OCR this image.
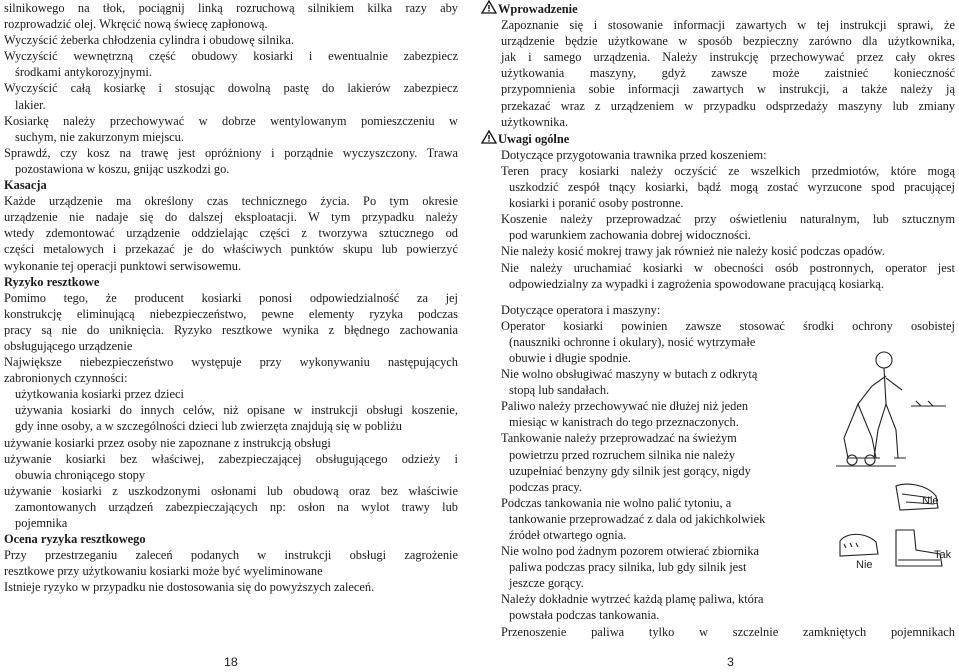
silnikowego na tłok, pociągnij linką rozruchową silnikiem kilka razy aby

rozprowadzić olej. Wkręcić nową świecę zapłonową.

Wyczyścić żeberka chłodzenia cylindra i obudowę silnika.

Wyczyścić wewnętrzną część obudowy kosiarki i ewentualnie zabezpiecz

środkami antykorozyjnymi.

Wyczyścić całą kosiarkę i stosując dowolną pastę do lakierów zabezpiecz

lakier.

Kosiarkę należy przechowywać w dobrze wentylowanym pomieszczeniu w

suchym, nie zakurzonym miejscu.

Sprawdź, czy kosz na trawę jest opróżniony i porządnie wyczyszczony. Trawa

pozostawiona w koszu, gnijąc uszkodzi go.

Kasacja

Każde urządzenie ma określony czas technicznego życia. Po tym okresie

urządzenie nie nadaje się do dalszej eksploatacji. W tym przypadku należy

wtedy zdemontować urządzenie oddzielając części z tworzywa sztucznego od

części metalowych i przekazać je do właściwych punktów skupu lub powierzyć

wykonanie tej operacji punktowi serwisowemu.

Ryzyko resztkowe

Pomimo tego, że producent kosiarki ponosi odpowiedzialność za jej

konstrukcję eliminującą niebezpieczeństwo, pewne elementy ryzyka podczas

pracy są nie do uniknięcia. Ryzyko resztkowe wynika z błędnego zachowania

obsługującego urządzenie

Największe niebezpieczeństwo występuje przy wykonywaniu następujących

zabronionych czynności:

użytkowania kosiarki przez dzieci

używania kosiarki do innych celów, niż opisane w instrukcji obsługi koszenie,

gdy inne osoby, a w szczególności dzieci lub zwierzęta znajdują się w pobliżu

używanie kosiarki przez osoby nie zapoznane z instrukcją obsługi

używanie kosiarki bez właściwej, zabezpieczającej obsługującego odzieży i

obuwia chroniącego stopy

używanie kosiarki z uszkodzonymi osłonami lub obudową oraz bez właściwie

zamontowanych urządzeń zabezpieczających np: osłon na wylot trawy lub

pojemnika

Ocena ryzyka resztkowego

Przy przestrzeganiu zaleceń podanych w instrukcji obsługi zagrożenie

resztkowe przy użytkowaniu kosiarki może być wyeliminowane

Istnieje ryzyko w przypadku nie dostosowania się do powyższych zaleceń.

Wprowadzenie

Zapoznanie się i stosowanie informacji zawartych w tej instrukcji sprawi, że

urządzenie będzie użytkowane w sposób bezpieczny zarówno dla użytkownika,

jak i samego urządzenia. Należy instrukcję przechowywać przez cały okres

użytkowania maszyny, gdyż zawsze może zaistnieć konieczność

przypomnienia sobie informacji zawartych w instrukcji, a także należy ją

przekazać wraz z urządzeniem w przypadku odsprzedaży maszyny lub zmiany

użytkownika.

Uwagi ogólne

Dotyczące przygotowania trawnika przed koszeniem:

Teren pracy kosiarki należy oczyścić ze wszelkich przedmiotów, które mogą

uszkodzić zespół tnący kosiarki, bądź mogą zostać wyrzucone spod pracującej

kosiarki i poranić osoby postronne.

Koszenie należy przeprowadzać przy oświetleniu naturalnym, lub sztucznym

pod warunkiem zachowania dobrej widoczności.

Nie należy kosić mokrej trawy jak również nie należy kosić podczas opadów.

Nie należy uruchamiać kosiarki w obecności osób postronnych, operator jest

odpowiedzialny za wypadki i zagrożenia spowodowane pracującą kosiarką.

Dotyczące operatora i maszyny:

Operator kosiarki powinien zawsze stosować środki ochrony osobistej

(nauszniki ochronne i okulary), nosić wytrzymałe

obuwie i długie spodnie.

Nie wolno obsługiwać maszyny w butach z odkrytą

stopą lub sandałach.

Paliwo należy przechowywać nie dłużej niż jeden

miesiąc w kanistrach do tego przeznaczonych.

Tankowanie należy przeprowadzać na świeżym

powietrzu przed rozruchem silnika nie należy

uzupełniać benzyny gdy silnik jest gorący, nigdy

podczas pracy.

Podczas tankowania nie wolno palić tytoniu, a

tankowanie przeprowadzać z dala od jakichkolwiek

źródeł otwartego ognia.

Nie wolno pod żadnym pozorem otwierać zbiornika

paliwa podczas pracy silnika, lub gdy silnik jest

jeszcze gorący.

Należy dokładnie wytrzeć każdą plamę paliwa, która

powstała podczas tankowania.

Przenoszenie paliwa tylko w szczelnie zamkniętych pojemnikach

Nie
Nie
Tak
18	3
